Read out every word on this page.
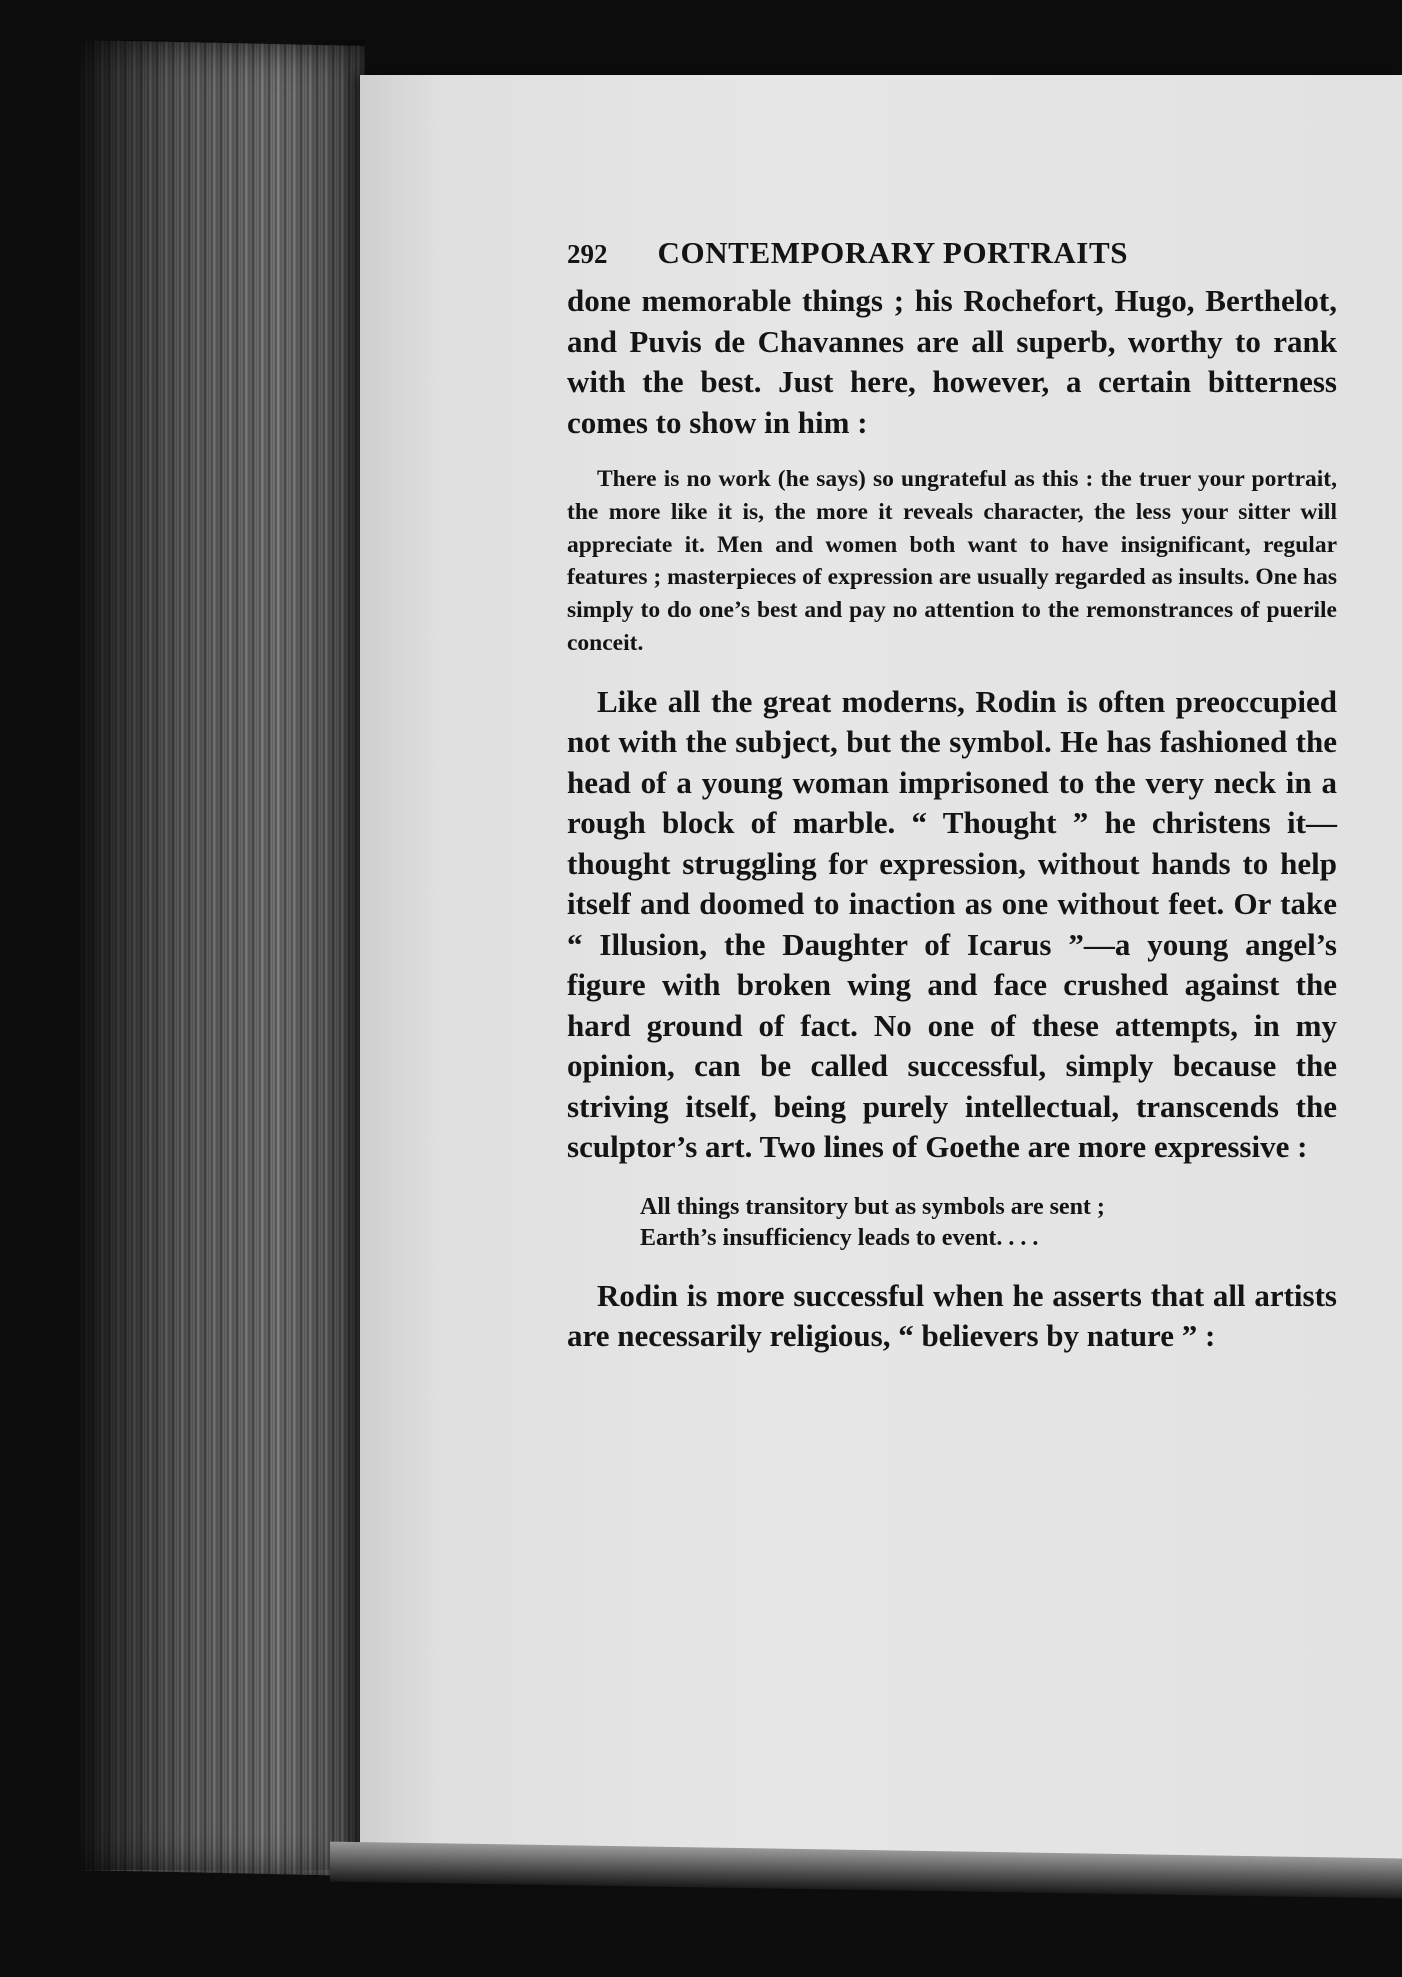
292 CONTEMPORARY PORTRAITS

done memorable things ; his Rochefort, Hugo, Berthelot, and Puvis de Chavannes are all superb, worthy to rank with the best. Just here, however, a certain bitterness comes to show in him :

There is no work (he says) so ungrateful as this : the truer your portrait, the more like it is, the more it reveals character, the less your sitter will appreciate it. Men and women both want to have insignificant, regular features ; masterpieces of expression are usually regarded as insults. One has simply to do one’s best and pay no attention to the remonstrances of puerile conceit.

Like all the great moderns, Rodin is often preoccupied not with the subject, but the symbol. He has fashioned the head of a young woman imprisoned to the very neck in a rough block of marble. “ Thought ” he christens it—thought struggling for expression, without hands to help itself and doomed to inaction as one without feet. Or take “ Illusion, the Daughter of Icarus ”—a young angel’s figure with broken wing and face crushed against the hard ground of fact. No one of these attempts, in my opinion, can be called successful, simply because the striving itself, being purely intellectual, transcends the sculptor’s art. Two lines of Goethe are more expressive :

All things transitory but as symbols are sent ;
Earth’s insufficiency leads to event. . . .

Rodin is more successful when he asserts that all artists are necessarily religious, “ believers by nature ” :
